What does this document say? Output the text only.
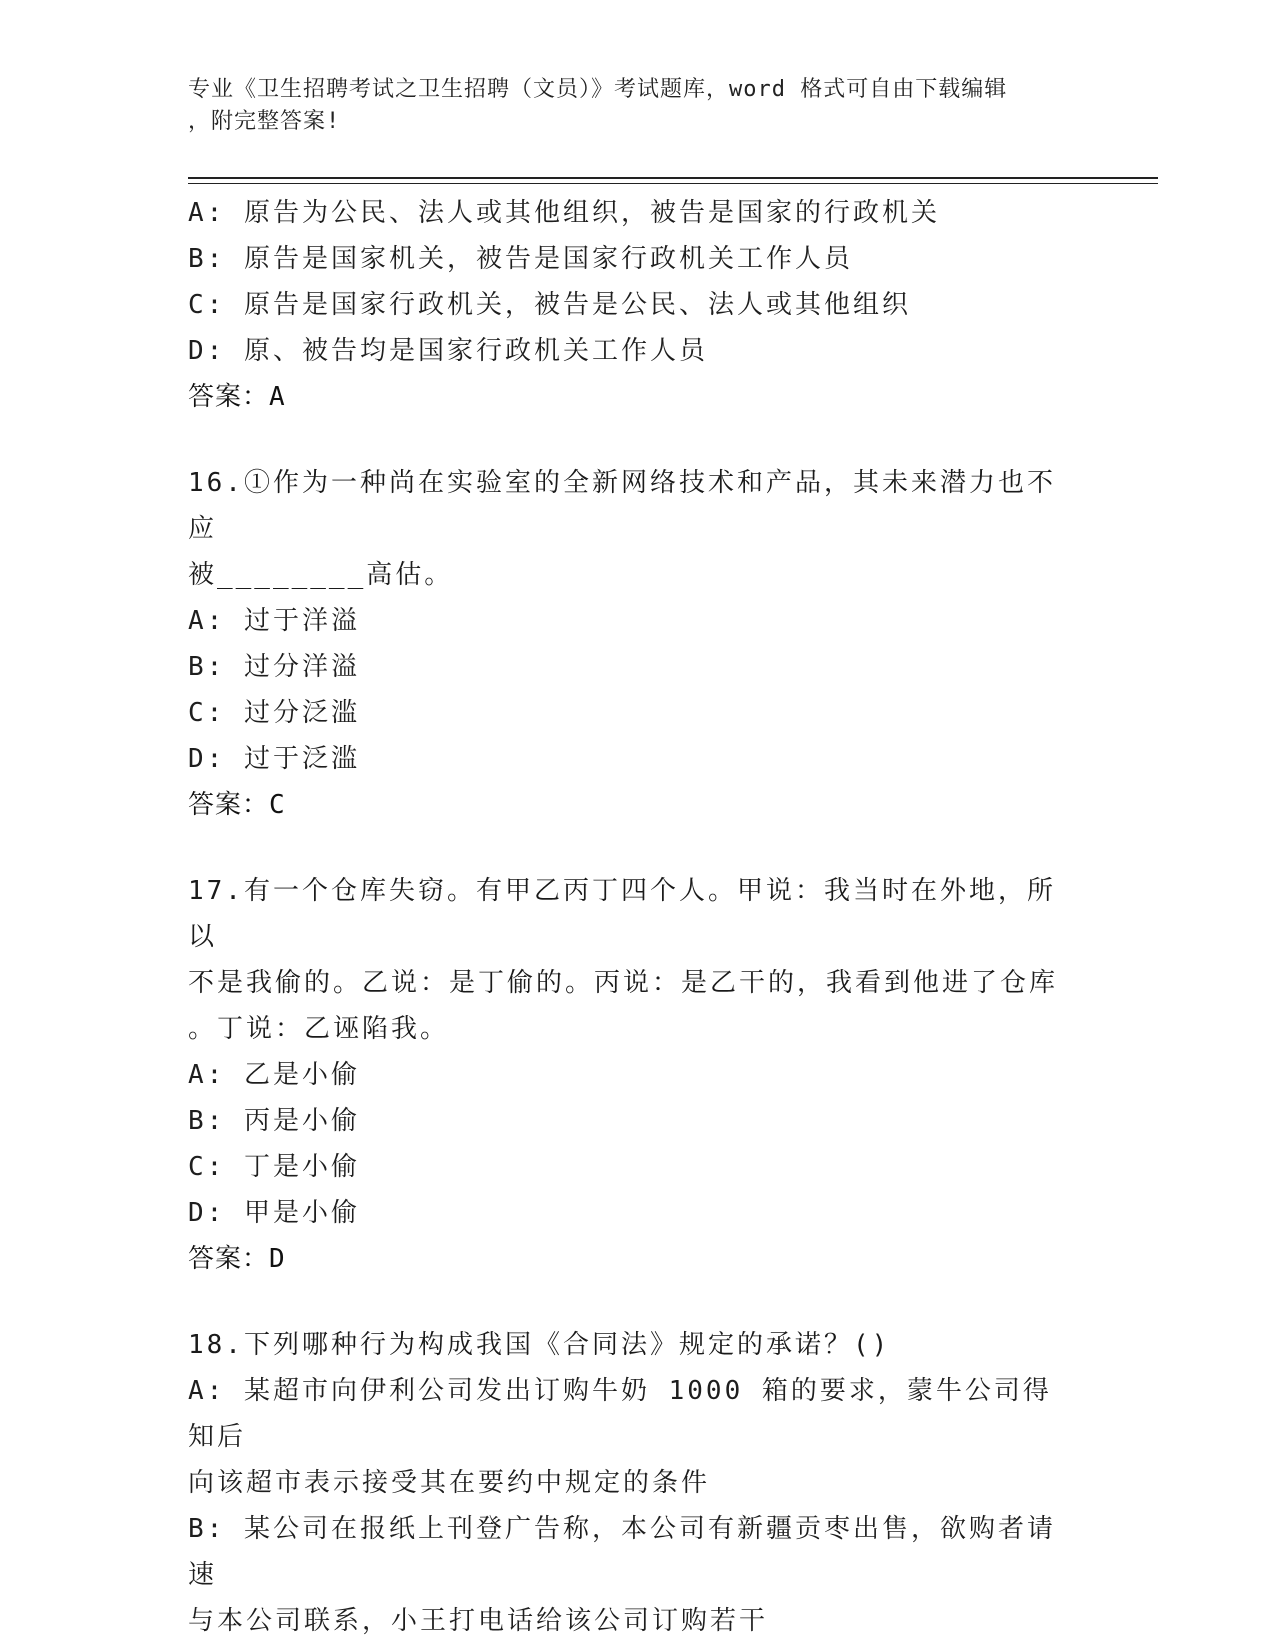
专业《卫生招聘考试之卫生招聘（文员）》考试题库，word 格式可自由下载编辑
，附完整答案!
A: 原告为公民、法人或其他组织，被告是国家的行政机关
B: 原告是国家机关，被告是国家行政机关工作人员
C: 原告是国家行政机关，被告是公民、法人或其他组织
D: 原、被告均是国家行政机关工作人员
答案：A
16.①作为一种尚在实验室的全新网络技术和产品，其未来潜力也不应
被________高估。
A: 过于洋溢
B: 过分洋溢
C: 过分泛滥
D: 过于泛滥
答案：C
17.有一个仓库失窃。有甲乙丙丁四个人。甲说：我当时在外地，所以
不是我偷的。乙说：是丁偷的。丙说：是乙干的，我看到他进了仓库
。丁说：乙诬陷我。
A: 乙是小偷
B: 丙是小偷
C: 丁是小偷
D: 甲是小偷
答案：D
18.下列哪种行为构成我国《合同法》规定的承诺？()
A: 某超市向伊利公司发出订购牛奶 1000 箱的要求，蒙牛公司得知后
向该超市表示接受其在要约中规定的条件
B: 某公司在报纸上刊登广告称，本公司有新疆贡枣出售，欲购者请速
与本公司联系，小王打电话给该公司订购若干
